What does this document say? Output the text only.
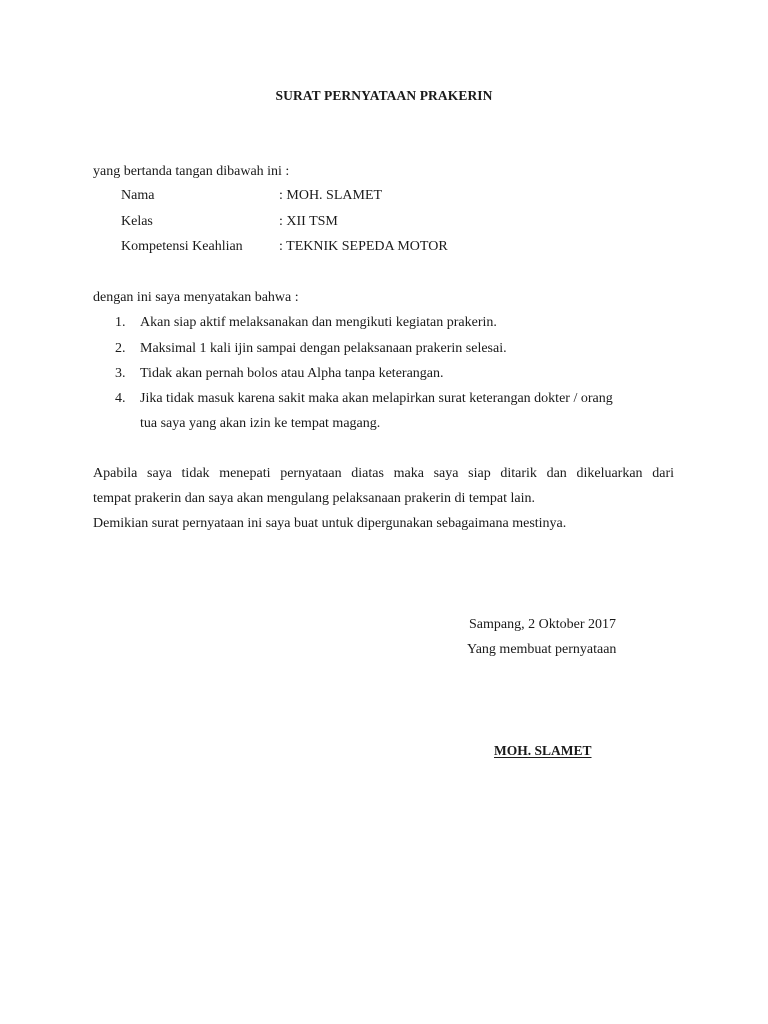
SURAT PERNYATAAN PRAKERIN
yang bertanda tangan dibawah ini :
Nama	: MOH. SLAMET
Kelas	: XII TSM
Kompetensi Keahlian	: TEKNIK SEPEDA MOTOR
dengan ini saya menyatakan bahwa :
1. Akan siap aktif melaksanakan dan mengikuti kegiatan prakerin.
2. Maksimal 1 kali ijin sampai dengan pelaksanaan prakerin selesai.
3. Tidak akan pernah bolos atau Alpha tanpa keterangan.
4. Jika tidak masuk karena sakit maka akan melapirkan surat keterangan dokter / orang
tua saya yang akan izin ke tempat magang.
Apabila saya tidak menepati pernyataan diatas maka saya siap ditarik dan dikeluarkan dari
tempat prakerin dan saya akan mengulang pelaksanaan prakerin di tempat lain.
Demikian surat pernyataan ini saya buat untuk dipergunakan sebagaimana mestinya.
Sampang, 2 Oktober 2017
Yang membuat pernyataan
MOH. SLAMET
